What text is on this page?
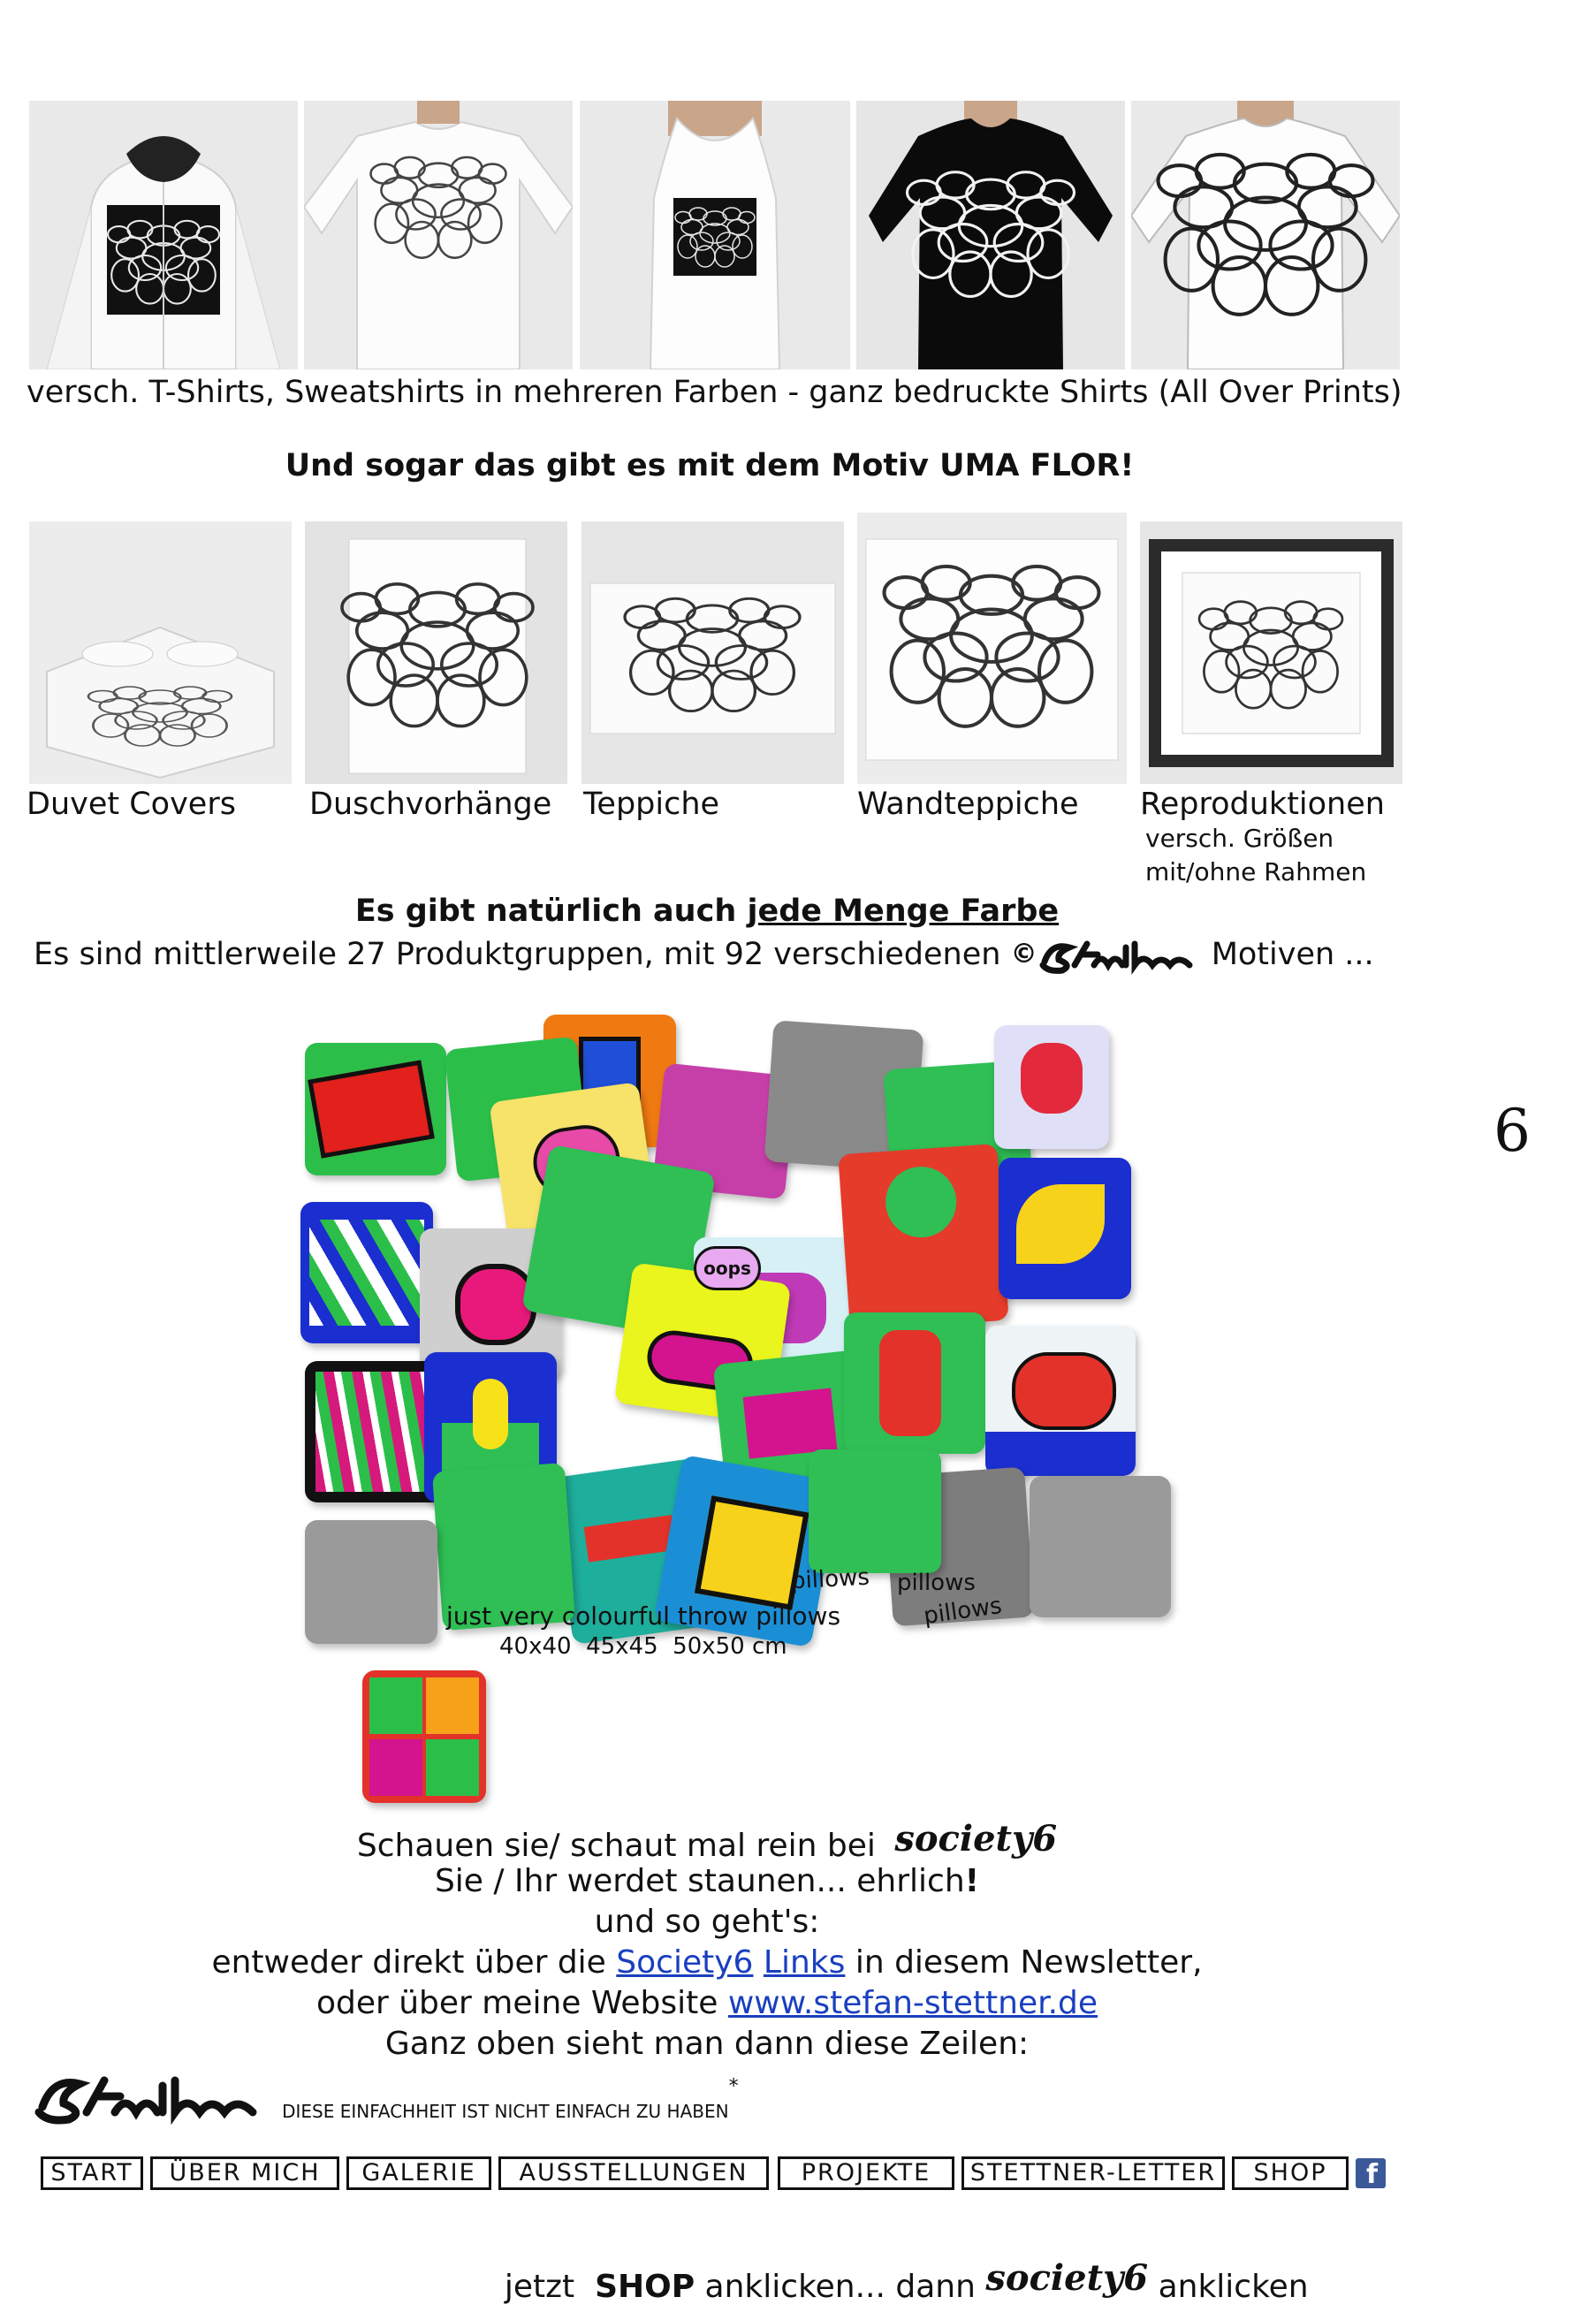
versch. T-Shirts, Sweatshirts in mehreren Farben - ganz bedruckte Shirts (All Over Prints)
Und sogar das gibt es mit dem Motiv UMA FLOR!
Duvet Covers Duschvorhänge Teppiche	Wandteppiche Reproduktionen
versch. Größen
mit/ohne Rahmen
Es gibt natürlich auch jede Menge Farbe
Es sind mittlerweile 27 Produktgruppen, mit 92 verschiedenen ©	Motiven ...
6
oops
pillows pillows
pillows
just very colourful throw pillows
40x40  45x45  50x50 cm
Schauen sie/ schaut mal rein bei society6
Sie / Ihr werdet staunen... ehrlich!
und so geht's:
entweder direkt über die Society6 Links in diesem Newsletter,
oder über meine Website www.stefan-stettner.de
Ganz oben sieht man dann diese Zeilen:
DIESE EINFACHHEIT IST NICHT EINFACH ZU HABEN*
START	ÜBER MICH	GALERIE	AUSSTELLUNGEN	PROJEKTE	STETTNER-LETTER	SHOP	f

jetzt  SHOP anklicken... dann society6 anklicken
